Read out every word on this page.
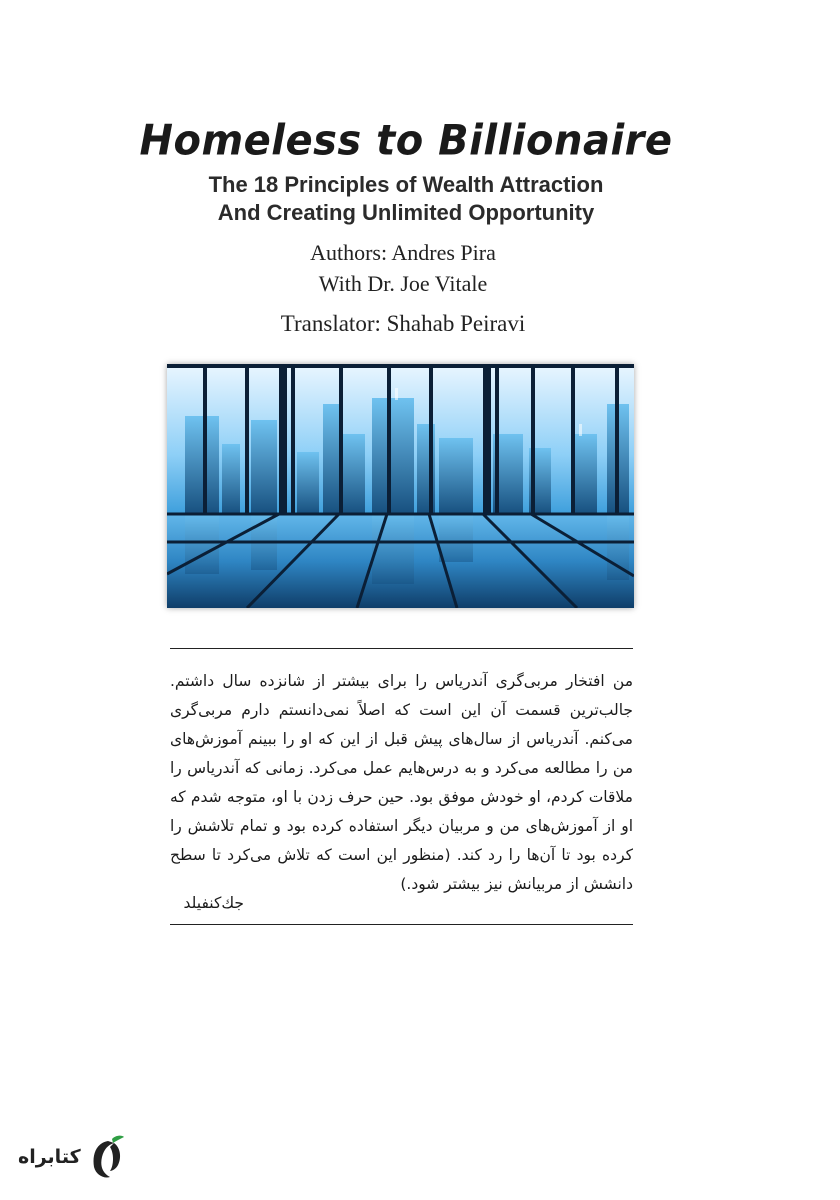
Homeless to Billionaire
The 18 Principles of Wealth Attraction
And Creating Unlimited Opportunity
Authors: Andres Pira
With Dr. Joe Vitale
Translator: Shahab Peiravi
من افتخار مربی‌گری آندریاس را برای بیشتر از شانزده سال داشتم. جالب‌ترین قسمت آن این است که اصلاً نمی‌دانستم دارم مربی‌گری می‌کنم. آندریاس از سال‌های پیش قبل از این که او را ببینم آموزش‌های من را مطالعه می‌کرد و به درس‌هایم عمل می‌کرد. زمانی که آندریاس را ملاقات کردم، او خودش موفق بود. حین حرف زدن با او، متوجه شدم که او از آموزش‌های من و مربیان دیگر استفاده کرده بود و تمام تلاشش را کرده بود تا آن‌ها را رد کند. (منظور این است که تلاش می‌کرد تا سطح دانشش از مربیانش نیز بیشتر شود.)
جك‌كنفیلد
کتابراه
